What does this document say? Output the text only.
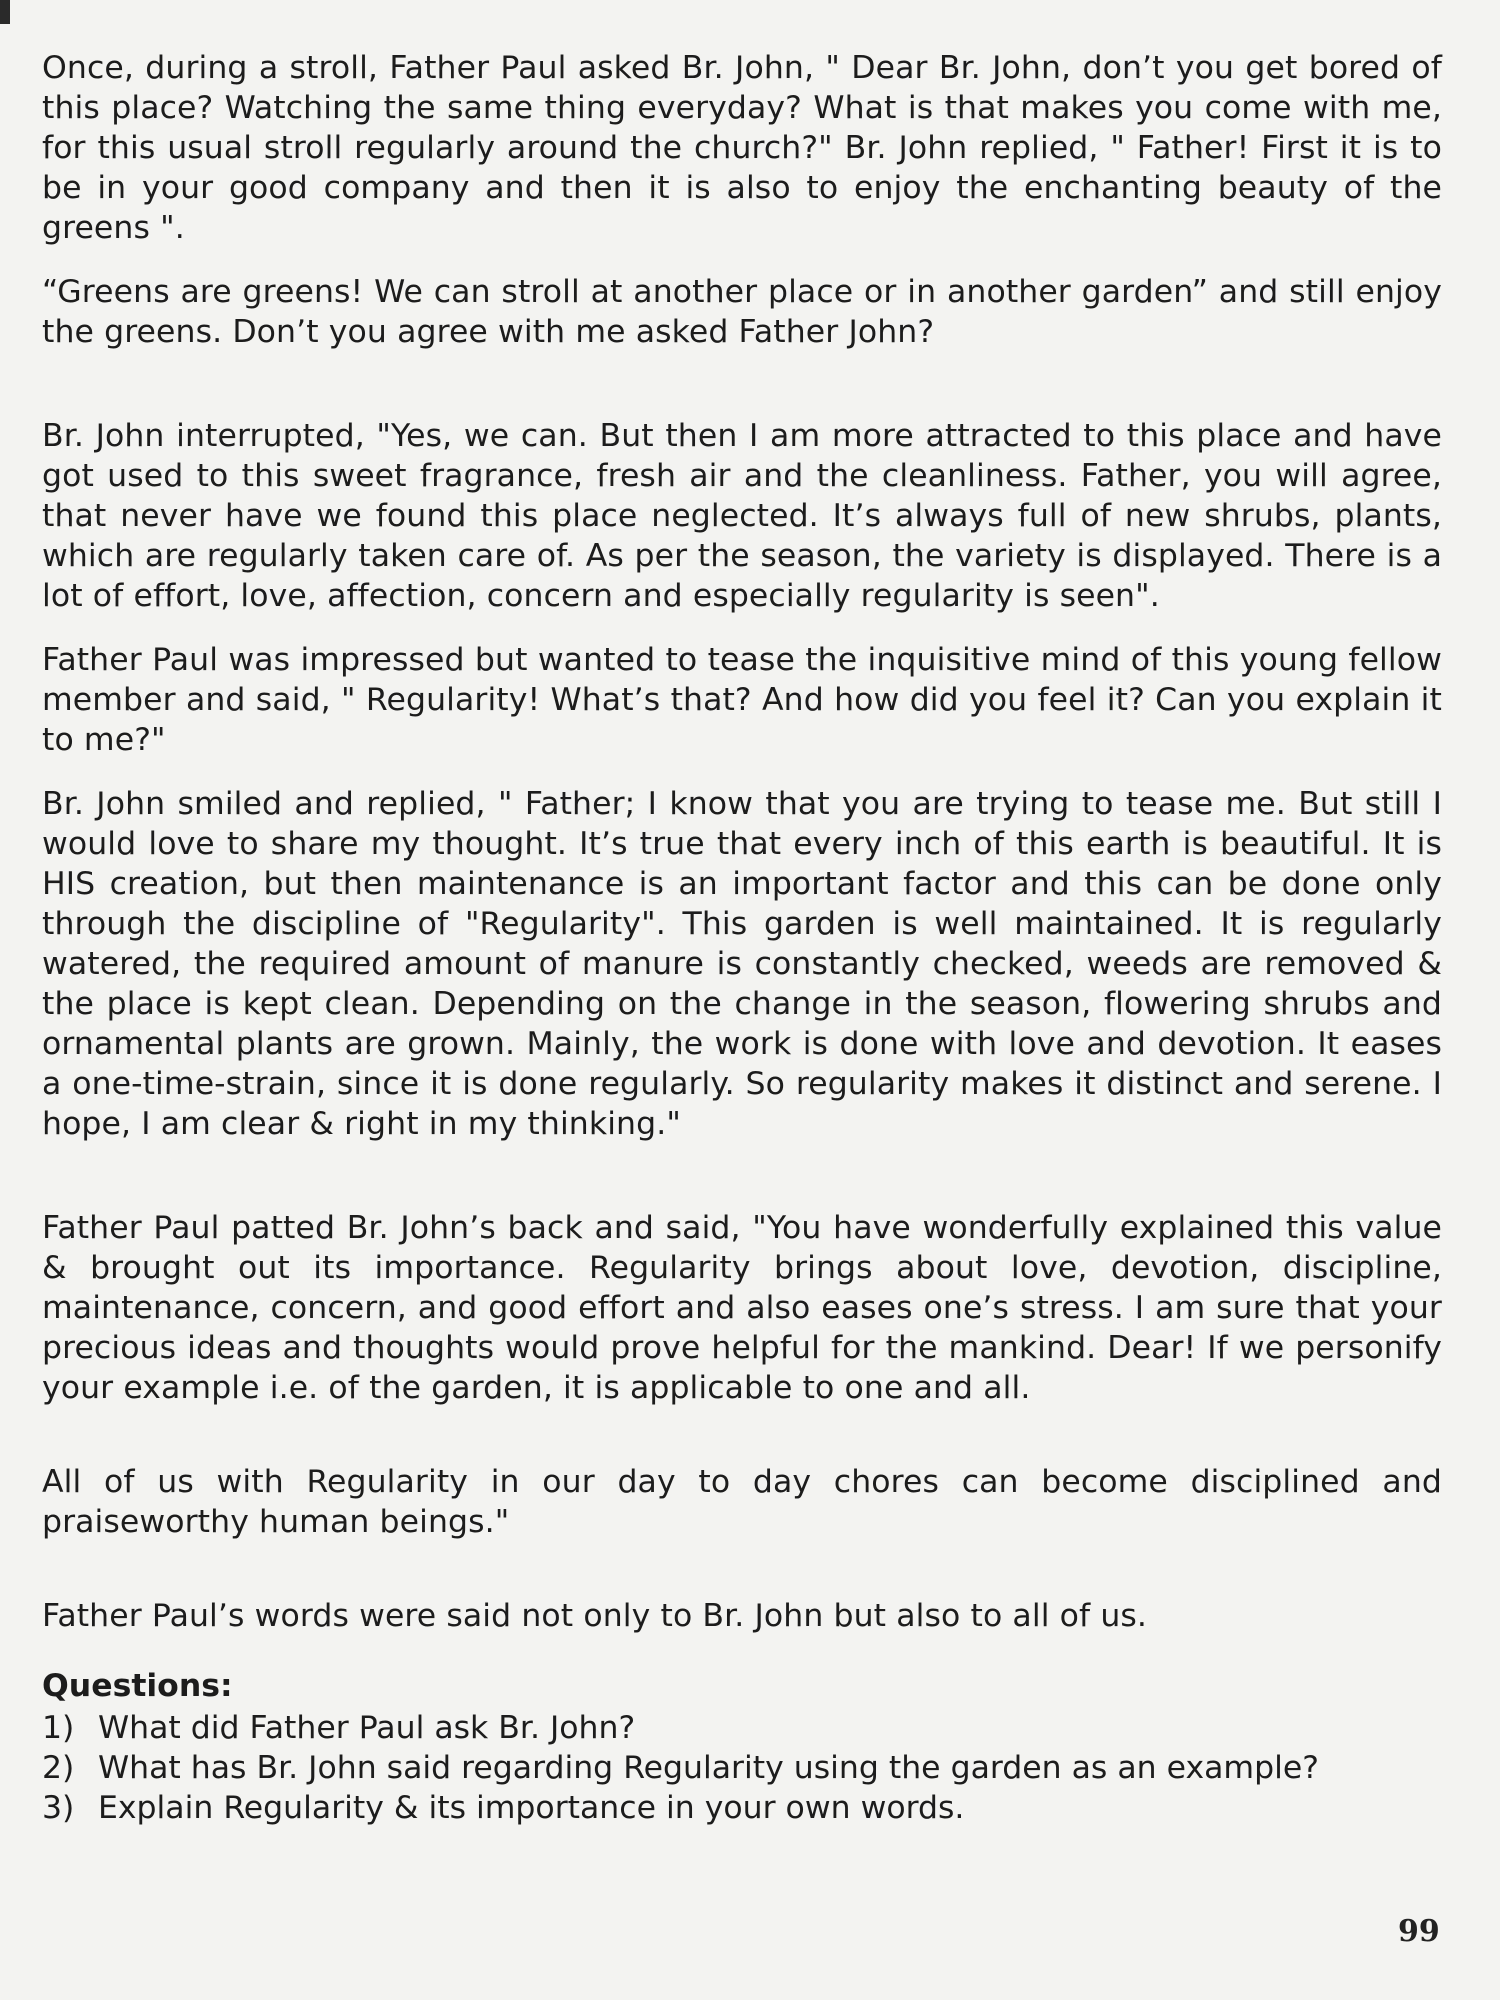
Once, during a stroll, Father Paul asked Br. John, " Dear Br. John, don’t you get bored of this place? Watching the same thing everyday? What is that makes you come with me, for this usual stroll regularly around the church?" Br. John replied, " Father! First it is to be in your good company and then it is also to enjoy the enchanting beauty of the greens ".

“Greens are greens! We can stroll at another place or in another garden” and still enjoy the greens. Don’t you agree with me asked Father John?

Br. John interrupted, "Yes, we can. But then I am more attracted to this place and have got used to this sweet fragrance, fresh air and the cleanliness. Father, you will agree, that never have we found this place neglected. It’s always full of new shrubs, plants, which are regularly taken care of. As per the season, the variety is displayed. There is a lot of effort, love, affection, concern and especially regularity is seen".

Father Paul was impressed but wanted to tease the inquisitive mind of this young fellow member and said, " Regularity! What’s that? And how did you feel it? Can you explain it to me?"

Br. John smiled and replied, " Father; I know that you are trying to tease me. But still I would love to share my thought. It’s true that every inch of this earth is beautiful. It is HIS creation, but then maintenance is an important factor and this can be done only through the discipline of "Regularity". This garden is well maintained. It is regularly watered, the required amount of manure is constantly checked, weeds are removed & the place is kept clean. Depending on the change in the season, flowering shrubs and ornamental plants are grown. Mainly, the work is done with love and devotion. It eases a one-time-strain, since it is done regularly. So regularity makes it distinct and serene. I hope, I am clear & right in my thinking."

Father Paul patted Br. John’s back and said, "You have wonderfully explained this value & brought out its importance. Regularity brings about love, devotion, discipline, maintenance, concern, and good effort and also eases one’s stress. I am sure that your precious ideas and thoughts would prove helpful for the mankind. Dear! If we personify your example i.e. of the garden, it is applicable to one and all.

All of us with Regularity in our day to day chores can become disciplined and praiseworthy human beings."

Father Paul’s words were said not only to Br. John but also to all of us.

Questions:
1) What did Father Paul ask Br. John?
2) What has Br. John said regarding Regularity using the garden as an example?
3) Explain Regularity & its importance in your own words.
99
